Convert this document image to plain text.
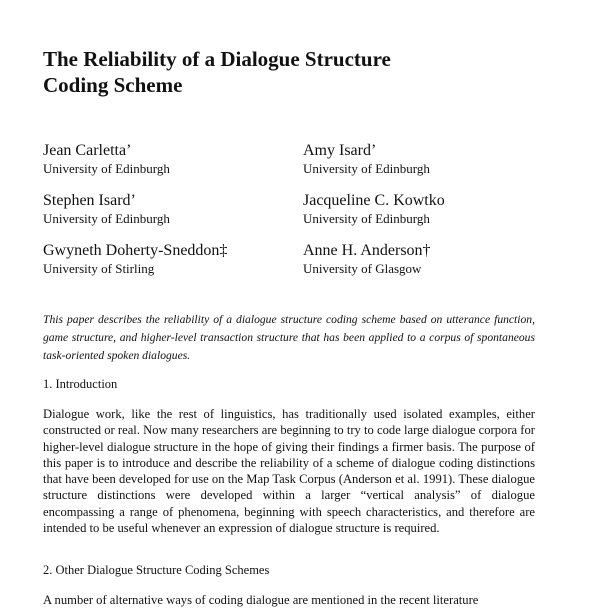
The Reliability of a Dialogue Structure
Coding Scheme
Jean Carletta’
University of Edinburgh
Amy Isard’
University of Edinburgh
Stephen Isard’
University of Edinburgh
Jacqueline C. Kowtko
University of Edinburgh
Gwyneth Doherty-Sneddon‡
University of Stirling
Anne H. Anderson†
University of Glasgow

This paper describes the reliability of a dialogue structure coding scheme based on utterance function, game structure, and higher-level transaction structure that has been applied to a corpus of spontaneous task-oriented spoken dialogues.

1. Introduction

Dialogue work, like the rest of linguistics, has traditionally used isolated examples, either constructed or real. Now many researchers are beginning to try to code large dialogue corpora for higher-level dialogue structure in the hope of giving their findings a firmer basis. The purpose of this paper is to introduce and describe the reliability of a scheme of dialogue coding distinctions that have been developed for use on the Map Task Corpus (Anderson et al. 1991). These dialogue structure distinctions were developed within a larger “vertical analysis” of dialogue encompassing a range of phenomena, beginning with speech characteristics, and therefore are intended to be useful whenever an expression of dialogue structure is required.

2. Other Dialogue Structure Coding Schemes

A number of alternative ways of coding dialogue are mentioned in the recent literature
